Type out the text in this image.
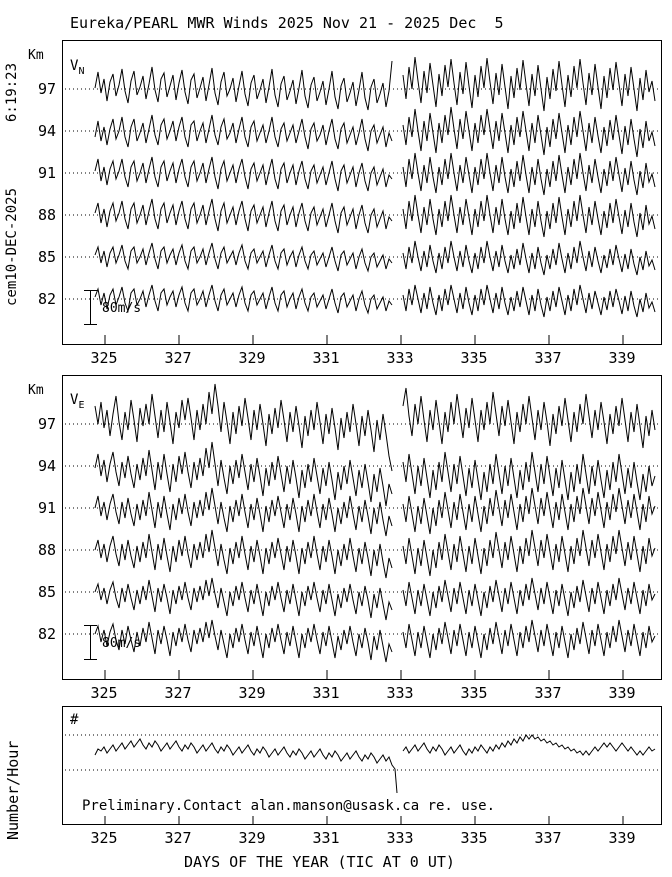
6:19:23
cem10-DEC-2025
Number/Hour
Eureka/PEARL MWR Winds 2025 Nov 21 - 2025 Dec  5
Km
$V_N$
97
94
91
88
85
82
80m/s
325	327	329	331	333	335	337	339
Km
$V_E$
97
94
91
88
85
82
80m/s
325	327	329	331	333	335	337	339
#
Preliminary.Contact alan.manson@usask.ca re. use.
325	327	329	331	333	335	337	339
DAYS OF THE YEAR (TIC AT 0 UT)
